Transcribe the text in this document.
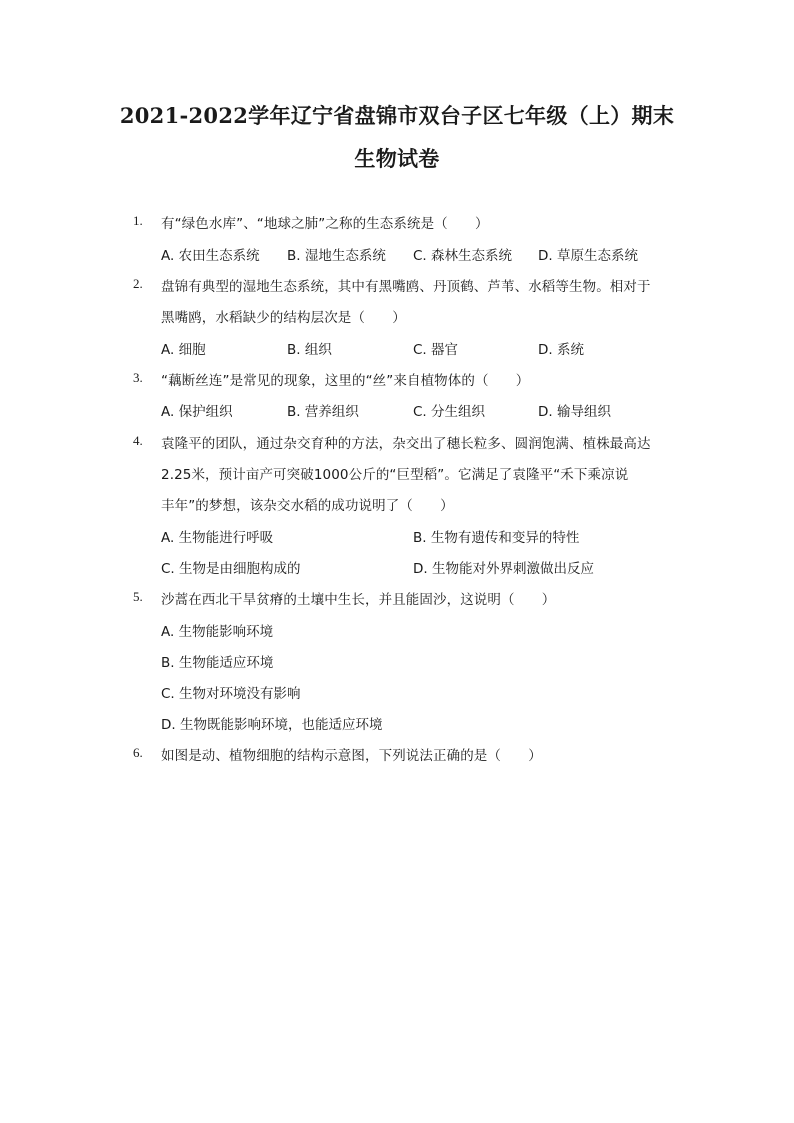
2021-2022学年辽宁省盘锦市双台子区七年级（上）期末
生物试卷
1. 有“绿色水库”、“地球之肺”之称的生态系统是（　　）
A. 农田生态系统 B. 湿地生态系统 C. 森林生态系统 D. 草原生态系统
2. 盘锦有典型的湿地生态系统，其中有黑嘴鸥、丹顶鹤、芦苇、水稻等生物。相对于
黑嘴鸥，水稻缺少的结构层次是（　　）
A. 细胞	B. 组织	C. 器官	D. 系统
3. “藕断丝连”是常见的现象，这里的“丝”来自植物体的（　　）
A. 保护组织	B. 营养组织	C. 分生组织	D. 输导组织
4. 袁隆平的团队，通过杂交育种的方法，杂交出了穗长粒多、圆润饱满、植株最高达
2.25米，预计亩产可突破1000公斤的“巨型稻”。它满足了袁隆平“禾下乘凉说
丰年”的梦想，该杂交水稻的成功说明了（　　）
A. 生物能进行呼吸	B. 生物有遗传和变异的特性
C. 生物是由细胞构成的	D. 生物能对外界刺激做出反应
5. 沙蒿在西北干旱贫瘠的土壤中生长，并且能固沙，这说明（　　）
A. 生物能影响环境
B. 生物能适应环境
C. 生物对环境没有影响
D. 生物既能影响环境，也能适应环境
6. 如图是动、植物细胞的结构示意图，下列说法正确的是（　　）
